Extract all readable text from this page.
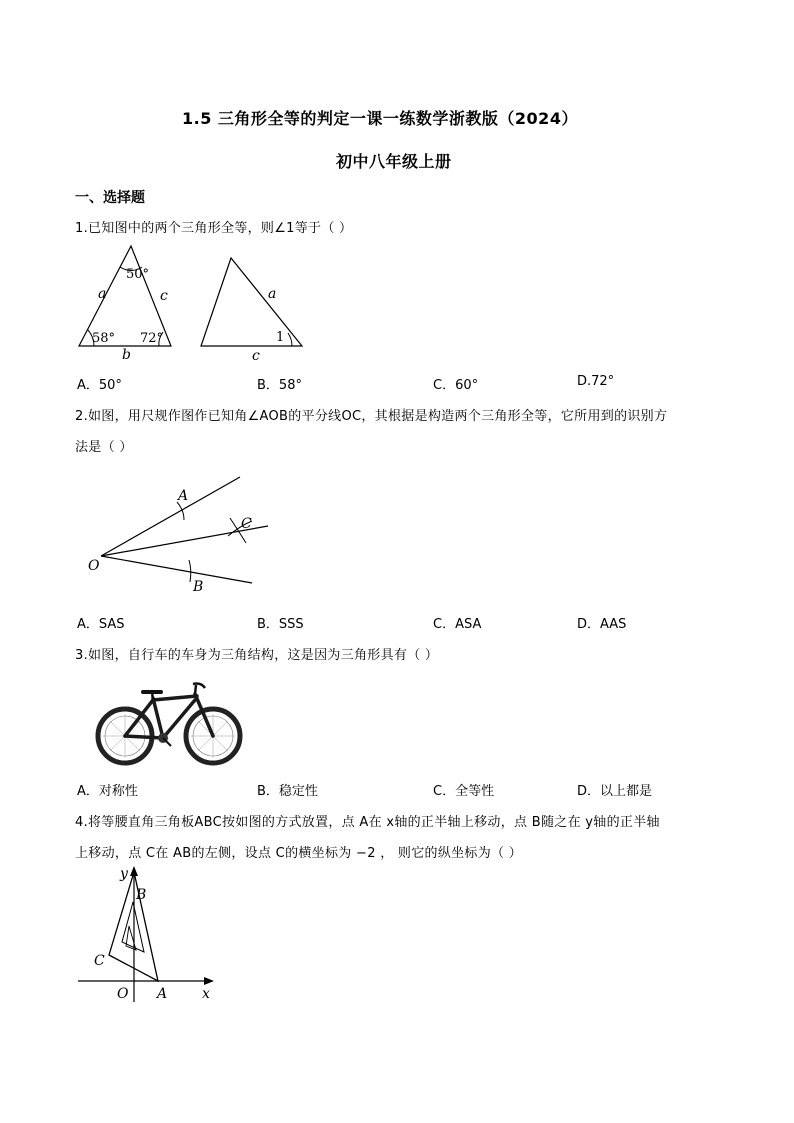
1.5 三角形全等的判定一课一练数学浙教版（2024）
初中八年级上册
一、选择题
1.已知图中的两个三角形全等，则∠1等于（ ）
50°
58° 72°
a	c
b
a
1
c
A．50°	B．58°	C．60°	D.72°
2.如图，用尺规作图作已知角∠AOB的平分线OC，其根据是构造两个三角形全等，它所用到的识别方
法是（ ）
O
A
B
C
A．SAS	B．SSS	C．ASA	D．AAS
3.如图，自行车的车身为三角结构，这是因为三角形具有（ ）
A．对称性	B．稳定性	C．全等性	D．以上都是
4.将等腰直角三角板ABC按如图的方式放置，点 A在 x轴的正半轴上移动，点 B随之在 y轴的正半轴
上移动，点 C在 AB的左侧，设点 C的横坐标为 −2 ， 则它的纵坐标为（ ）
y
B
C
O A x
